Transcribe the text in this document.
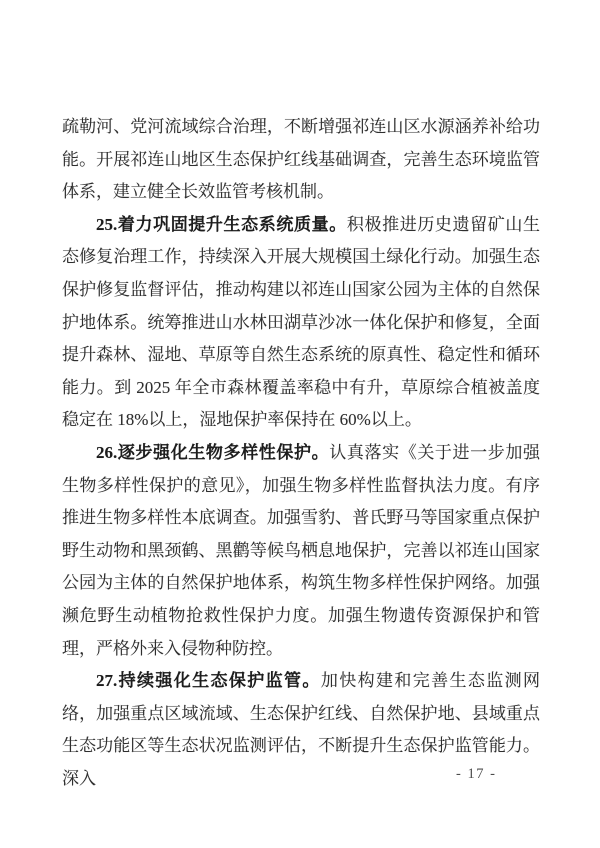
疏勒河、党河流域综合治理，不断增强祁连山区水源涵养补给功能。开展祁连山地区生态保护红线基础调查，完善生态环境监管体系，建立健全长效监管考核机制。

25.着力巩固提升生态系统质量。积极推进历史遗留矿山生态修复治理工作，持续深入开展大规模国土绿化行动。加强生态保护修复监督评估，推动构建以祁连山国家公园为主体的自然保护地体系。统筹推进山水林田湖草沙冰一体化保护和修复，全面提升森林、湿地、草原等自然生态系统的原真性、稳定性和循环能力。到 2025 年全市森林覆盖率稳中有升，草原综合植被盖度稳定在 18%以上，湿地保护率保持在 60%以上。

26.逐步强化生物多样性保护。认真落实《关于进一步加强生物多样性保护的意见》，加强生物多样性监督执法力度。有序推进生物多样性本底调查。加强雪豹、普氏野马等国家重点保护野生动物和黑颈鹤、黑鹳等候鸟栖息地保护，完善以祁连山国家公园为主体的自然保护地体系，构筑生物多样性保护网络。加强濒危野生动植物抢救性保护力度。加强生物遗传资源保护和管理，严格外来入侵物种防控。

27.持续强化生态保护监管。加快构建和完善生态监测网络，加强重点区域流域、生态保护红线、自然保护地、县域重点生态功能区等生态状况监测评估，不断提升生态保护监管能力。深入	- 17 -
